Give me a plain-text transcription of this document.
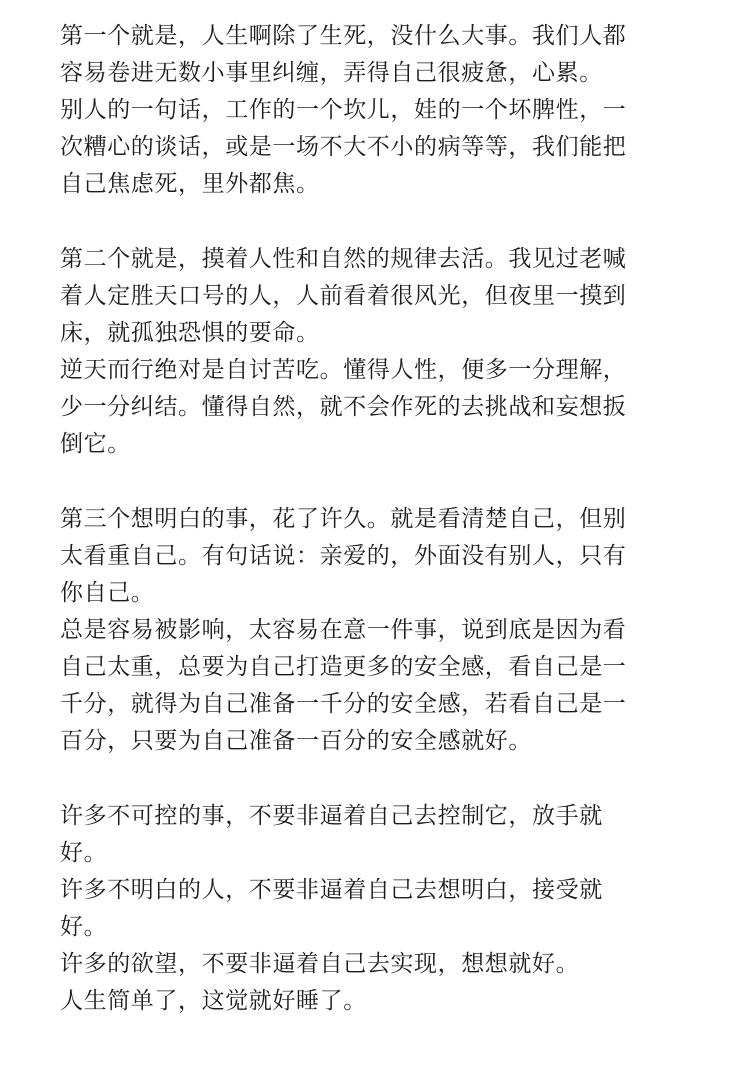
第一个就是，人生啊除了生死，没什么大事。我们人都
容易卷进无数小事里纠缠，弄得自己很疲惫，心累。
别人的一句话，工作的一个坎儿，娃的一个坏脾性，一
次糟心的谈话，或是一场不大不小的病等等，我们能把
自己焦虑死，里外都焦。
第二个就是，摸着人性和自然的规律去活。我见过老喊
着人定胜天口号的人，人前看着很风光，但夜里一摸到
床，就孤独恐惧的要命。
逆天而行绝对是自讨苦吃。懂得人性，便多一分理解，
少一分纠结。懂得自然，就不会作死的去挑战和妄想扳
倒它。
第三个想明白的事，花了许久。就是看清楚自己，但别
太看重自己。有句话说：亲爱的，外面没有别人，只有
你自己。
总是容易被影响，太容易在意一件事，说到底是因为看
自己太重，总要为自己打造更多的安全感，看自己是一
千分，就得为自己准备一千分的安全感，若看自己是一
百分，只要为自己准备一百分的安全感就好。
许多不可控的事，不要非逼着自己去控制它，放手就
好。
许多不明白的人，不要非逼着自己去想明白，接受就
好。
许多的欲望，不要非逼着自己去实现，想想就好。
人生简单了，这觉就好睡了。
